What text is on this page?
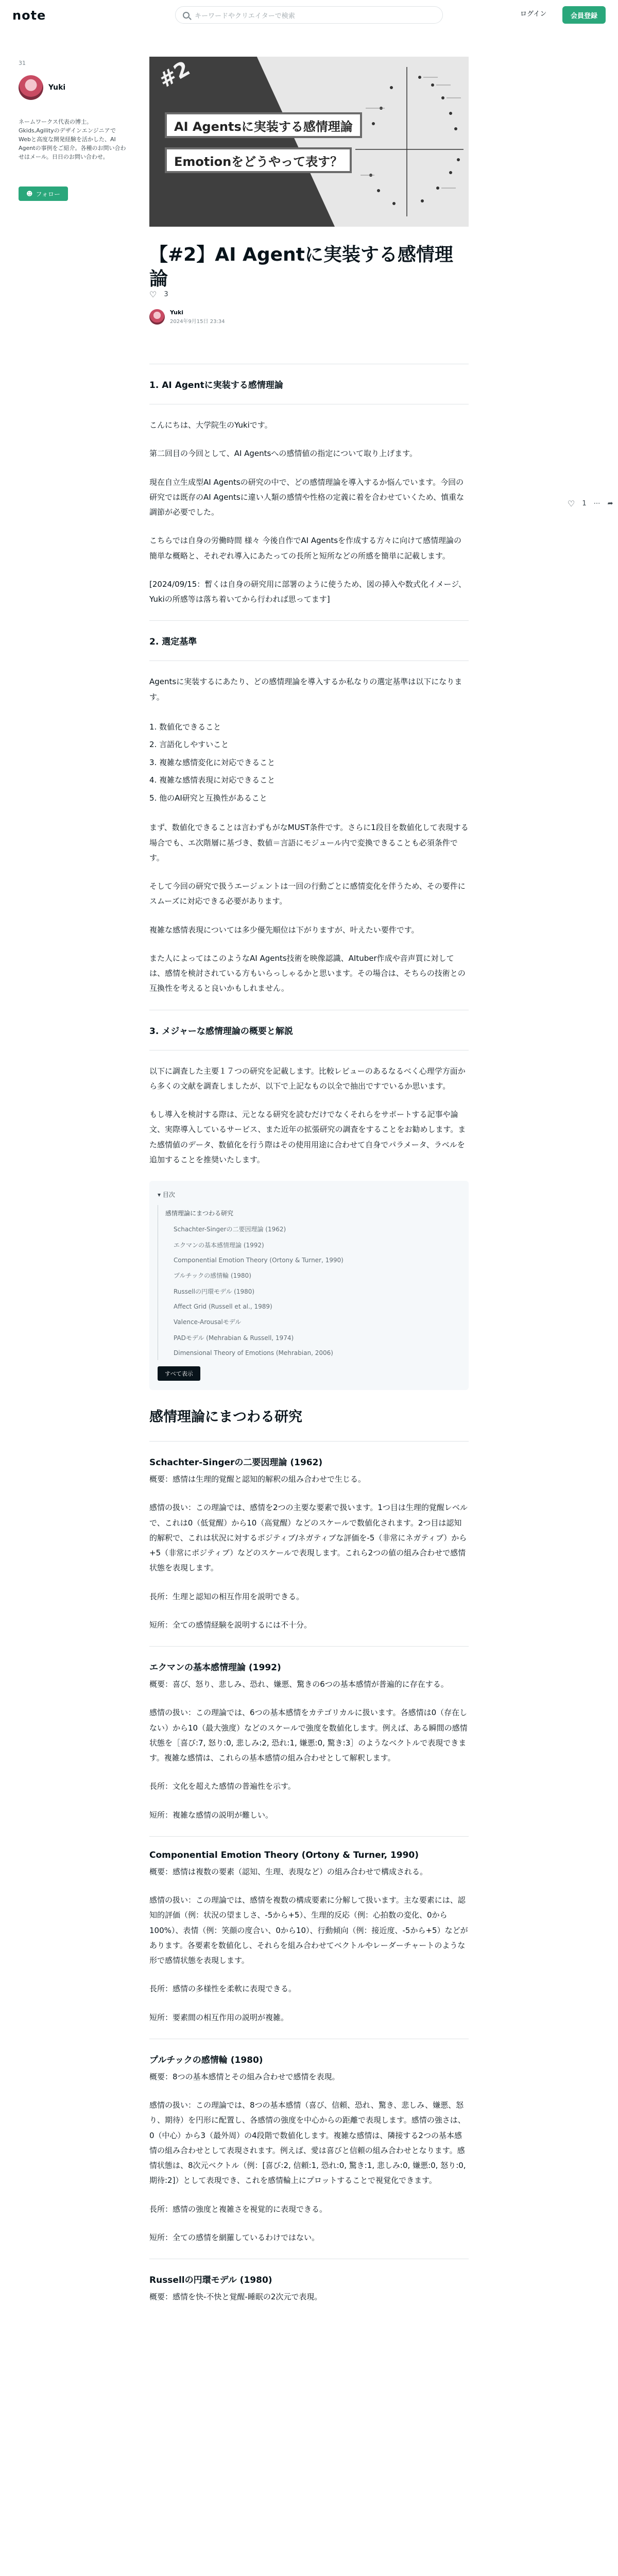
note	キーワードやクリエイターで検索	ログイン	会員登録
31
Yuki
ネームワークス代表の博士。Gkids,AgilityのデザインエンジニアでWebと高度な開発経験を活かした、AI Agentの事例をご紹介。各種のお問い合わせはメール。日日のお問い合わせ。
☻ フォロー
#2
AI Agentsに実装する感情理論
Emotionをどうやって表す？
【#2】AI Agentに実装する感情理論
♡ 3
Yuki
2024年9月15日 23:34
♡ 1 ⋯ ➦
1. AI Agentに実装する感情理論

こんにちは、大学院生のYukiです。

第二回目の今回として、AI Agentsへの感情値の指定について取り上げます。

現在自立生成型AI Agentsの研究の中で、どの感情理論を導入するか悩んでいます。今回の研究では既存のAI Agentsに違い人類の感情や性格の定義に着を合わせていくため、慎重な調節が必要でした。

こちらでは自身の労働時間 様々 今後自作でAI Agentsを作成する方々に向けて感情理論の簡単な概略と、それぞれ導入にあたっての長所と短所などの所感を簡単に記載します。

[2024/09/15：暫くは自身の研究用に部署のように使うため、図の挿入や数式化イメージ、Yukiの所感等は落ち着いてから行われば思ってます]

2. 選定基準

Agentsに実装するにあたり、どの感情理論を導入するか私なりの選定基準は以下になります。

1. 数値化できること
2. 言語化しやすいこと
3. 複雑な感情変化に対応できること
4. 複雑な感情表現に対応できること
5. 他のAI研究と互換性があること

まず、数値化できることは言わずもがなMUST条件です。さらに1段目を数値化して表現する場合でも、エ次階層に基づき、数値＝言語にモジュール内で変換できることも必須条件です。

そして今回の研究で扱うエージェントは一回の行動ごとに感情変化を伴うため、その要件にスムーズに対応できる必要があります。

複雑な感情表現については多少優先順位は下がりますが、叶えたい要件です。

また人によってはこのようなAI Agents技術を映像認識、AItuber作成や音声買に対しては、感情を検討されている方もいらっしゃるかと思います。その場合は、そちらの技術との互換性を考えると良いかもしれません。

3. メジャーな感情理論の概要と解説

以下に調査した主要１７つの研究を記載します。比較レビューのあるなるべく心理学方面から多くの文献を調査しましたが、以下で上記なもの以全で抽出ですでいるか思います。

もし導入を検討する際は、元となる研究を読むだけでなくそれらをサポートする記事や論文、実際導入しているサービス、また近年の拡張研究の調査をすることをお勧めします。また感情値のデータ、数値化を行う際はその使用用途に合わせて自身でパラメータ、ラベルを追加することを推奨いたします。

▾ 目次
感情理論にまつわる研究
Schachter-Singerの二要因理論 (1962)
エクマンの基本感情理論 (1992)
Componential Emotion Theory (Ortony & Turner, 1990)
プルチックの感情輪 (1980)
Russellの円環モデル (1980)
Affect Grid (Russell et al., 1989)
Valence-Arousalモデル
PADモデル (Mehrabian & Russell, 1974)
Dimensional Theory of Emotions (Mehrabian, 2006)
すべて表示
感情理論にまつわる研究
Schachter-Singerの二要因理論 (1962)

概要：感情は生理的覚醒と認知的解釈の組み合わせで生じる。

感情の扱い：この理論では、感情を2つの主要な要素で扱います。1つ目は生理的覚醒レベルで、これは0（低覚醒）から10（高覚醒）などのスケールで数値化されます。2つ目は認知的解釈で、これは状況に対するポジティブ/ネガティブな評価を-5（非常にネガティブ）から+5（非常にポジティブ）などのスケールで表現します。これら2つの値の組み合わせで感情状態を表現します。

長所：生理と認知の相互作用を説明できる。

短所：全ての感情経験を説明するには不十分。

エクマンの基本感情理論 (1992)

概要：喜び、怒り、悲しみ、恐れ、嫌悪、驚きの6つの基本感情が普遍的に存在する。

感情の扱い：この理論では、6つの基本感情をカテゴリカルに扱います。各感情は0（存在しない）から10（最大強度）などのスケールで強度を数値化します。例えば、ある瞬間の感情状態を［喜び:7, 怒り:0, 悲しみ:2, 恐れ:1, 嫌悪:0, 驚き:3］のようなベクトルで表現できます。複雑な感情は、これらの基本感情の組み合わせとして解釈します。

長所：文化を超えた感情の普遍性を示す。

短所：複雑な感情の説明が難しい。

Componential Emotion Theory (Ortony & Turner, 1990)

概要：感情は複数の要素（認知、生理、表現など）の組み合わせで構成される。

感情の扱い：この理論では、感情を複数の構成要素に分解して扱います。主な要素には、認知的評価（例：状況の望ましさ、-5から+5）、生理的反応（例：心拍数の変化、0から100%）、表情（例：笑顔の度合い、0から10）、行動傾向（例：接近度、-5から+5）などがあります。各要素を数値化し、それらを組み合わせてベクトルやレーダーチャートのような形で感情状態を表現します。

長所：感情の多様性を柔軟に表現できる。

短所：要素間の相互作用の説明が複雑。

プルチックの感情輪 (1980)

概要：8つの基本感情とその組み合わせで感情を表現。

感情の扱い：この理論では、8つの基本感情（喜び、信頼、恐れ、驚き、悲しみ、嫌悪、怒り、期待）を円形に配置し、各感情の強度を中心からの距離で表現します。感情の強さは、0（中心）から3（最外周）の4段階で数値化します。複雑な感情は、隣接する2つの基本感情の組み合わせとして表現されます。例えば、愛は喜びと信頼の組み合わせとなります。感情状態は、8次元ベクトル（例：[喜び:2, 信頼:1, 恐れ:0, 驚き:1, 悲しみ:0, 嫌悪:0, 怒り:0, 期待:2]）として表現でき、これを感情輪上にプロットすることで視覚化できます。

長所：感情の強度と複雑さを視覚的に表現できる。

短所：全ての感情を網羅しているわけではない。

Russellの円環モデル (1980)

概要：感情を快-不快と覚醒-睡眠の2次元で表現。
